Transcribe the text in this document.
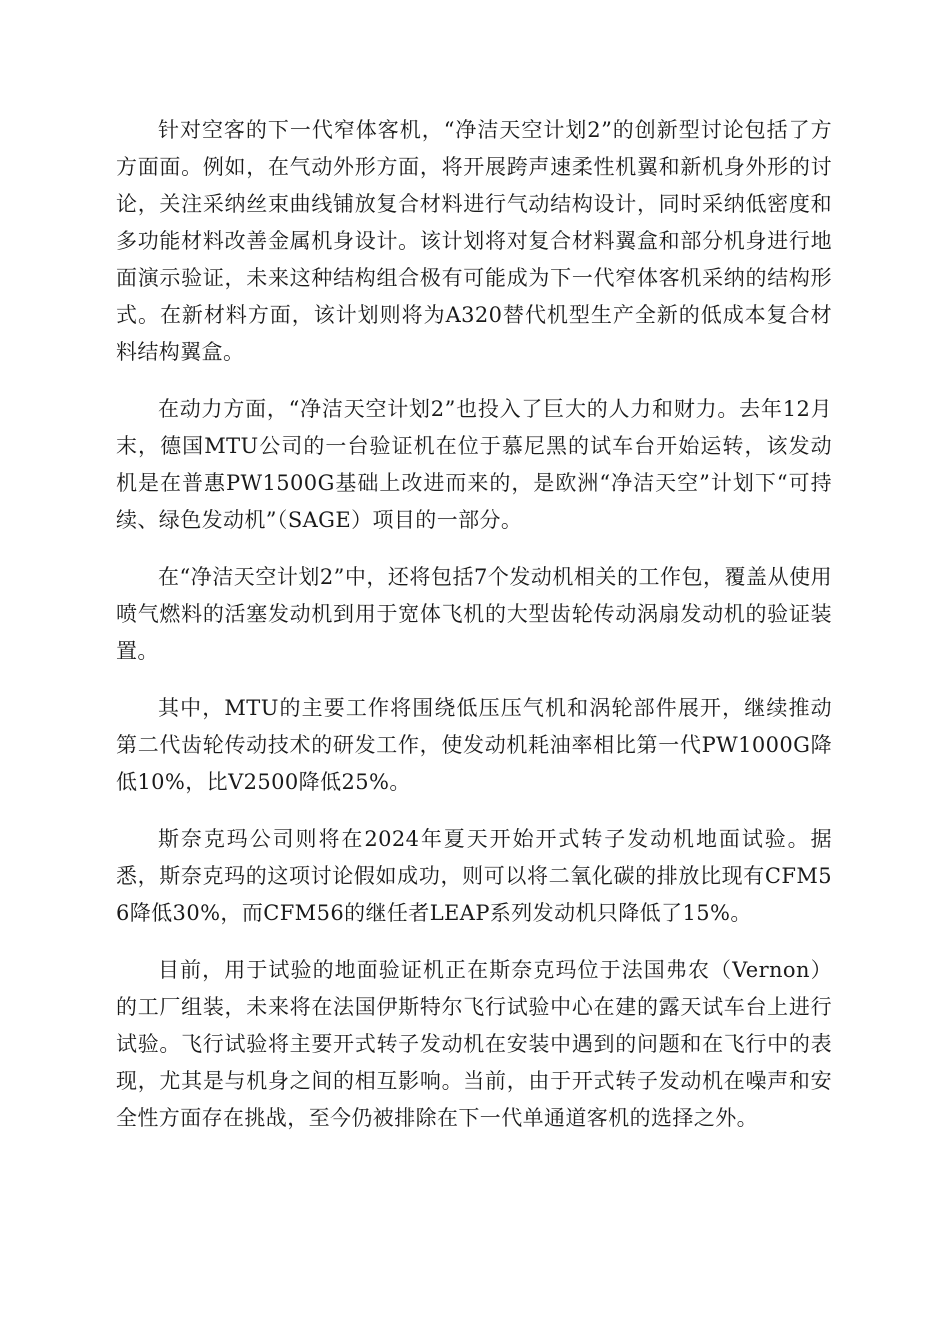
针对空客的下一代窄体客机，“净洁天空计划2”的创新型讨论包括了方方面面。例如，在气动外形方面，将开展跨声速柔性机翼和新机身外形的讨论，关注采纳丝束曲线铺放复合材料进行气动结构设计，同时采纳低密度和多功能材料改善金属机身设计。该计划将对复合材料翼盒和部分机身进行地面演示验证，未来这种结构组合极有可能成为下一代窄体客机采纳的结构形式。在新材料方面，该计划则将为A320替代机型生产全新的低成本复合材料结构翼盒。

在动力方面，“净洁天空计划2”也投入了巨大的人力和财力。去年12月末，德国MTU公司的一台验证机在位于慕尼黑的试车台开始运转，该发动机是在普惠PW1500G基础上改进而来的，是欧洲“净洁天空”计划下“可持续、绿色发动机”（SAGE）项目的一部分。

在“净洁天空计划2”中，还将包括7个发动机相关的工作包，覆盖从使用喷气燃料的活塞发动机到用于宽体飞机的大型齿轮传动涡扇发动机的验证装置。

其中，MTU的主要工作将围绕低压压气机和涡轮部件展开，继续推动第二代齿轮传动技术的研发工作，使发动机耗油率相比第一代PW1000G降低10%，比V2500降低25%。

斯奈克玛公司则将在2024年夏天开始开式转子发动机地面试验。据悉，斯奈克玛的这项讨论假如成功，则可以将二氧化碳的排放比现有CFM56降低30%，而CFM56的继任者LEAP系列发动机只降低了15%。

目前，用于试验的地面验证机正在斯奈克玛位于法国弗农（Vernon）的工厂组装，未来将在法国伊斯特尔飞行试验中心在建的露天试车台上进行试验。飞行试验将主要开式转子发动机在安装中遇到的问题和在飞行中的表现，尤其是与机身之间的相互影响。当前，由于开式转子发动机在噪声和安全性方面存在挑战，至今仍被排除在下一代单通道客机的选择之外。
